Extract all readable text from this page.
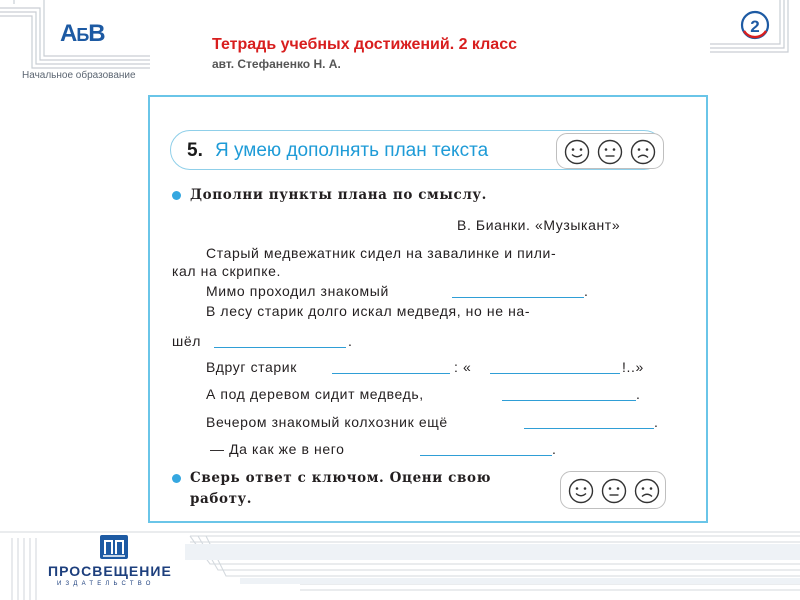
АБВ
Начальное образование
Тетрадь учебных достижений. 2 класс
авт. Стефаненко Н. А.
2
5. Я умею дополнять план текста
Дополни пункты плана по смыслу.
В. Бианки. «Музыкант»
Старый медвежатник сидел на завалинке и пили-
кал на скрипке.
Мимо проходил знакомый	.
В лесу старик долго искал медведя, но не на-
шёл	.
Вдруг старик	: «	!..»
А под деревом сидит медведь,	.
Вечером знакомый колхозник ещё	.
— Да как же в него	.
Сверь ответ с ключом. Оцени свою
работу.
ПРОСВЕЩЕНИЕ
ИЗДАТЕЛЬСТВО
